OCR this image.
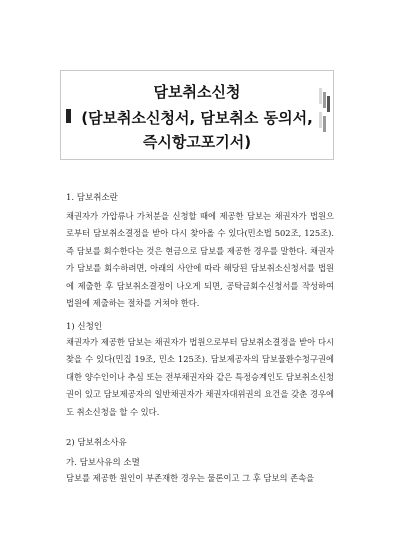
담보취소신청
(담보취소신청서, 담보취소 동의서,
즉시항고포기서)
1. 담보취소란
채권자가 가압류나 가처분을 신청할 때에 제공한 담보는 채권자가 법원으로부터 담보취소결정을 받아 다시 찾아올 수 있다(민소법 502조, 125조). 즉 담보를 회수한다는 것은 현금으로 담보를 제공한 경우를 말한다. 채권자가 담보를 회수하려면, 아래의 사안에 따라 해당된 담보취소신청서를 법원에 제출한 후 담보취소결정이 나오게 되면, 공탁금회수신청서를 작성하여 법원에 제출하는 절차를 거쳐야 한다.
1) 신청인
채권자가 제공한 담보는 채권자가 법원으로부터 담보취소결정을 받아 다시 찾을 수 있다(민집 19조, 민소 125조). 담보제공자의 담보물환수청구권에 대한 양수인이나 추심 또는 전부채권자와 같은 특정승계인도 담보취소신청권이 있고 담보제공자의 일반채권자가 채권자대위권의 요건을 갖춘 경우에도 취소신청을 할 수 있다.
2) 담보취소사유
가. 담보사유의 소멸
담보를 제공한 원인이 부존재한 경우는 물론이고 그 후 담보의 존속을
